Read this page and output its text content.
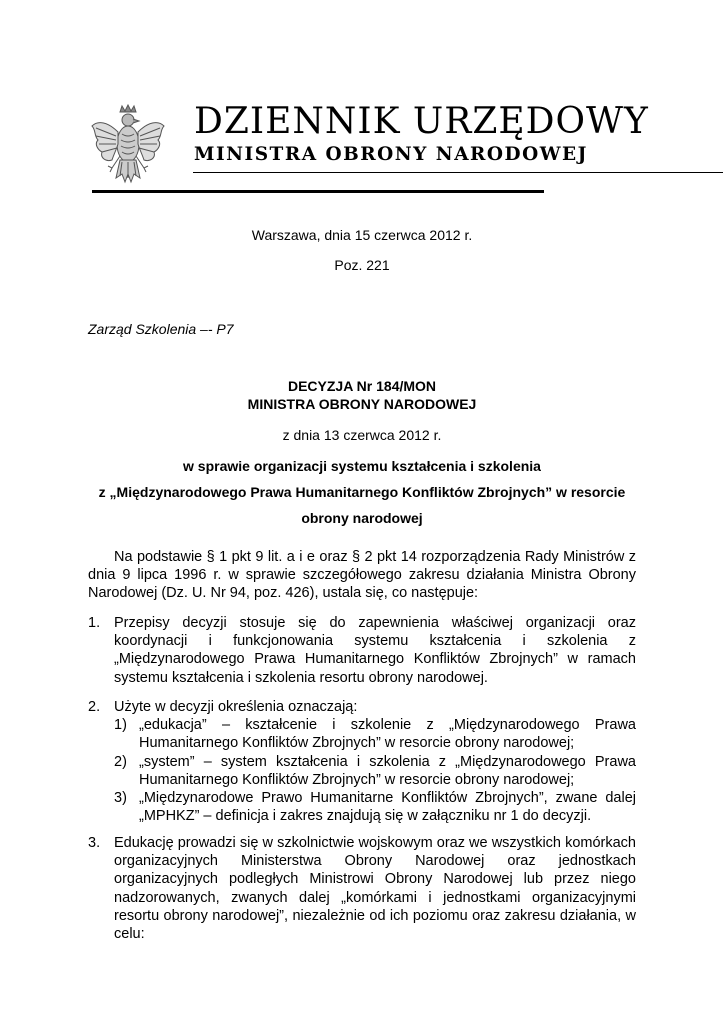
DZIENNIK URZĘDOWY
MINISTRA OBRONY NARODOWEJ
Warszawa, dnia 15 czerwca 2012 r.
Poz. 221
Zarząd Szkolenia –- P7
DECYZJA Nr 184/MON
MINISTRA OBRONY NARODOWEJ
z dnia 13 czerwca 2012 r.
w sprawie organizacji systemu kształcenia i szkolenia
z „Międzynarodowego Prawa Humanitarnego Konfliktów Zbrojnych” w resorcie
obrony narodowej

Na podstawie § 1 pkt 9 lit. a i e oraz § 2 pkt 14 rozporządzenia Rady Ministrów z dnia 9 lipca 1996 r. w sprawie szczegółowego zakresu działania Ministra Obrony Narodowej (Dz. U. Nr 94, poz. 426), ustala się, co następuje:

1. Przepisy decyzji stosuje się do zapewnienia właściwej organizacji oraz koordynacji i funkcjonowania systemu kształcenia i szkolenia z „Międzynarodowego Prawa Humanitarnego Konfliktów Zbrojnych” w ramach systemu kształcenia i szkolenia resortu obrony narodowej.

2. Użyte w decyzji określenia oznaczają:

1) „edukacja” – kształcenie i szkolenie z „Międzynarodowego Prawa Humanitarnego Konfliktów Zbrojnych” w resorcie obrony narodowej;

2) „system” – system kształcenia i szkolenia z „Międzynarodowego Prawa Humanitarnego Konfliktów Zbrojnych” w resorcie obrony narodowej;

3) „Międzynarodowe Prawo Humanitarne Konfliktów Zbrojnych”, zwane dalej „MPHKZ” – definicja i zakres znajdują się w załączniku nr 1 do decyzji.

3. Edukację prowadzi się w szkolnictwie wojskowym oraz we wszystkich komórkach organizacyjnych Ministerstwa Obrony Narodowej oraz jednostkach organizacyjnych podległych Ministrowi Obrony Narodowej lub przez niego nadzorowanych, zwanych dalej „komórkami i jednostkami organizacyjnymi resortu obrony narodowej”, niezależnie od ich poziomu oraz zakresu działania, w celu:
